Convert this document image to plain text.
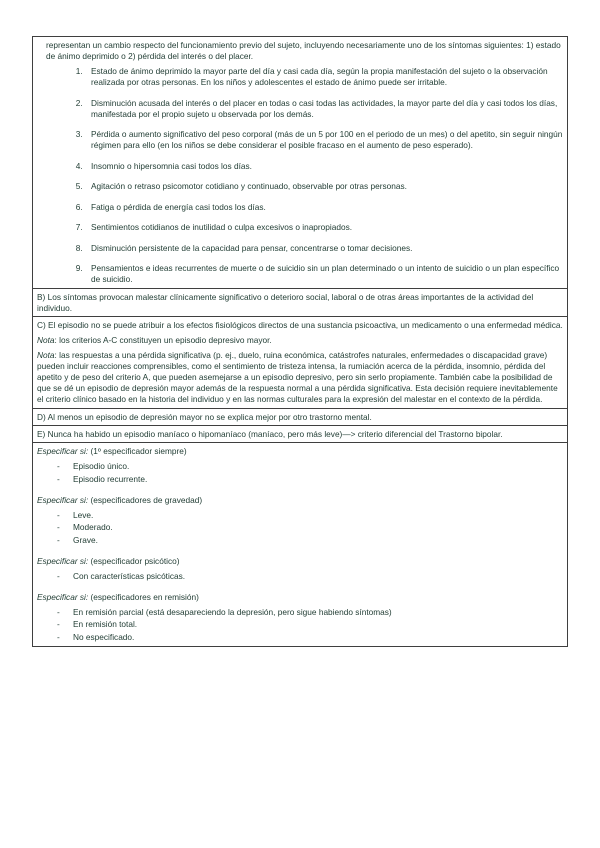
representan un cambio respecto del funcionamiento previo del sujeto, incluyendo necesariamente uno de los síntomas siguientes: 1) estado de ánimo deprimido o 2) pérdida del interés o del placer.

1. Estado de ánimo deprimido la mayor parte del día y casi cada día, según la propia manifestación del sujeto o la observación realizada por otras personas. En los niños y adolescentes el estado de ánimo puede ser irritable.
2. Disminución acusada del interés o del placer en todas o casi todas las actividades, la mayor parte del día y casi todos los días, manifestada por el propio sujeto u observada por los demás.
3. Pérdida o aumento significativo del peso corporal (más de un 5 por 100 en el periodo de un mes) o del apetito, sin seguir ningún régimen para ello (en los niños se debe considerar el posible fracaso en el aumento de peso esperado).
4. Insomnio o hipersomnia casi todos los días.
5. Agitación o retraso psicomotor cotidiano y continuado, observable por otras personas.
6. Fatiga o pérdida de energía casi todos los días.
7. Sentimientos cotidianos de inutilidad o culpa excesivos o inapropiados.
8. Disminución persistente de la capacidad para pensar, concentrarse o tomar decisiones.
9. Pensamientos e ideas recurrentes de muerte o de suicidio sin un plan determinado o un intento de suicidio o un plan específico de suicidio.

B) Los síntomas provocan malestar clínicamente significativo o deterioro social, laboral o de otras áreas importantes de la actividad del individuo.

C) El episodio no se puede atribuir a los efectos fisiológicos directos de una sustancia psicoactiva, un medicamento o una enfermedad médica.

Nota: los criterios A-C constituyen un episodio depresivo mayor.

Nota: las respuestas a una pérdida significativa (p. ej., duelo, ruina económica, catástrofes naturales, enfermedades o discapacidad grave) pueden incluir reacciones comprensibles, como el sentimiento de tristeza intensa, la rumiación acerca de la pérdida, insomnio, pérdida del apetito y de peso del criterio A, que pueden asemejarse a un episodio depresivo, pero sin serlo propiamente. También cabe la posibilidad de que se dé un episodio de depresión mayor además de la respuesta normal a una pérdida significativa. Esta decisión requiere inevitablemente el criterio clínico basado en la historia del individuo y en las normas culturales para la expresión del malestar en el contexto de la pérdida.

D) Al menos un episodio de depresión mayor no se explica mejor por otro trastorno mental.

E) Nunca ha habido un episodio maníaco o hipomaníaco (maníaco, pero más leve)—> criterio diferencial del Trastorno bipolar.

Especificar si: (1º especificador siempre)

- Episodio único.
- Episodio recurrente.

Especificar si: (especificadores de gravedad)

- Leve.
- Moderado.
- Grave.

Especificar si: (especificador psicótico)

- Con características psicóticas.

Especificar si: (especificadores en remisión)

- En remisión parcial (está desapareciendo la depresión, pero sigue habiendo síntomas)
- En remisión total.
- No especificado.
